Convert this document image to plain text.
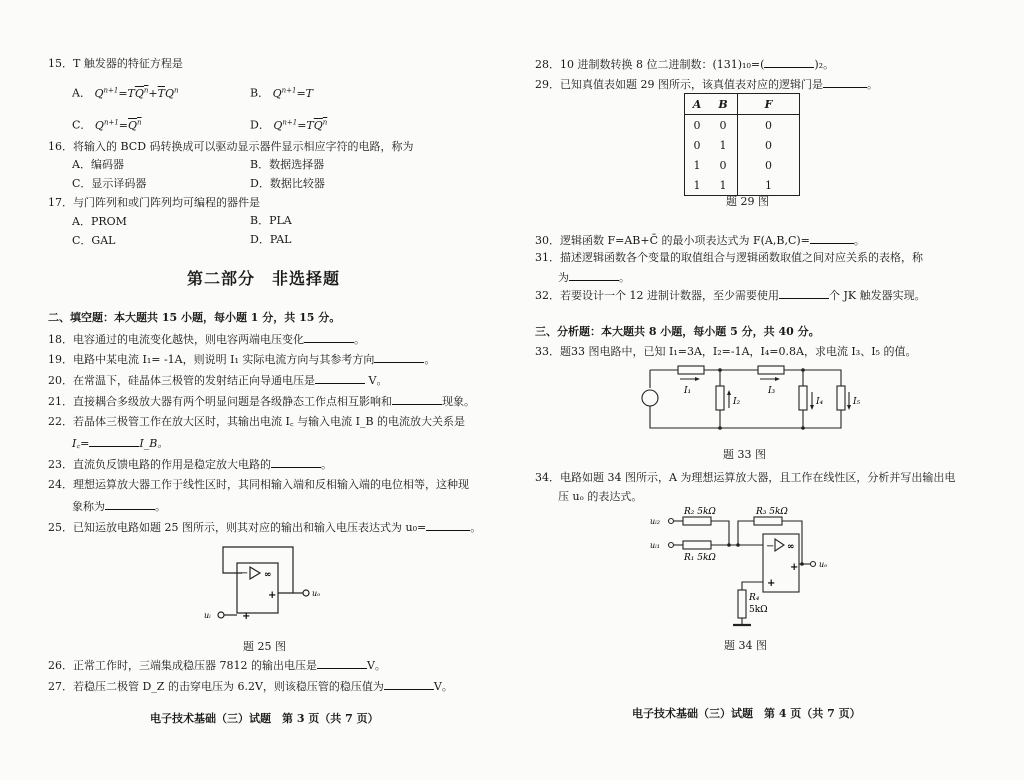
15．T 触发器的特征方程是
A． $Q^{n+1}=TQ^n+\overline{T}Q^n$	B． $Q^{n+1}=T$
C． $Q^{n+1}=Q^n$	D． $Q^{n+1}=TQ^n$
16．将输入的 BCD 码转换成可以驱动显示器件显示相应字符的电路，称为
A．编码器	B．数据选择器
C．显示译码器	D．数据比较器
17．与门阵列和或门阵列均可编程的器件是
A．PROM	B．PLA
C．GAL	D．PAL
第二部分　非选择题
二、填空题：本大题共 15 小题，每小题 1 分，共 15 分。
18．电容通过的电流变化越快，则电容两端电压变化	。
19．电路中某电流 I₁= -1A，则说明 I₁ 实际电流方向与其参考方向	。
20．在常温下，硅晶体三极管的发射结正向导通电压是	V。
21．直接耦合多级放大器有两个明显问题是各级静态工作点相互影响和	现象。
22．若晶体三极管工作在放大区时，其输出电流 I꜀ 与输入电流 I_B 的电流放大关系是
I꜀=	I_B。
23．直流负反馈电路的作用是稳定放大电路的	。
24．理想运算放大器工作于线性区时，其同相输入端和反相输入端的电位相等，这种现
象称为	。
25．已知运放电路如题 25 图所示，则其对应的输出和输入电压表达式为 u₀=	。
− ∞
+
+
uᵢ
uₒ
题 25 图
26．正常工作时，三端集成稳压器 7812 的输出电压是	V。
27．若稳压二极管 D_Z 的击穿电压为 6.2V，则该稳压管的稳压值为	V。
电子技术基础（三）试题　第 3 页（共 7 页）
28．10 进制数转换 8 位二进制数：(131)₁₀=(	)₂。
29．已知真值表如题 29 图所示，该真值表对应的逻辑门是	。
A	B	F
0	0	0
0	1	0
1	0	0
1	1	1
题 29 图
30．逻辑函数 F=AB+C̄ 的最小项表达式为 F(A,B,C)=	。
31．描述逻辑函数各个变量的取值组合与逻辑函数取值之间对应关系的表格，称
为	。
32．若要设计一个 12 进制计数器，至少需要使用	个 JK 触发器实现。
三、分析题：本大题共 8 小题，每小题 5 分，共 40 分。
33．题33 图电路中，已知 I₁=3A，I₂=-1A，I₄=0.8A，求电流 I₃、I₅ 的值。
I₁
I₂
I₃
I₄	I₅
题 33 图
34．电路如题 34 图所示，A 为理想运算放大器，且工作在线性区，分析并写出输出电
压 uₒ 的表达式。
− ∞
+
+
uᵢ₂
uᵢ₁
uₒ
R₂ 5kΩ
R₁ 5kΩ
R₃ 5kΩ
R₄
5kΩ
题 34 图
电子技术基础（三）试题　第 4 页（共 7 页）
